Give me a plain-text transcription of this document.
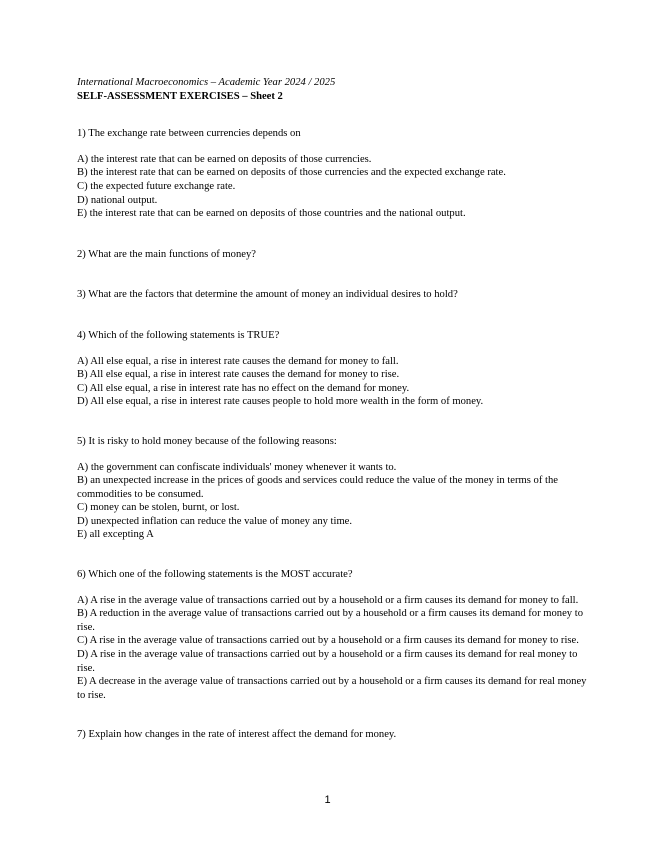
International Macroeconomics – Academic Year 2024 / 2025
SELF-ASSESSMENT EXERCISES – Sheet 2

1) The exchange rate between currencies depends on

A) the interest rate that can be earned on deposits of those currencies.
B) the interest rate that can be earned on deposits of those currencies and the expected exchange rate.
C) the expected future exchange rate.
D) national output.
E) the interest rate that can be earned on deposits of those countries and the national output.

2) What are the main functions of money?

3) What are the factors that determine the amount of money an individual desires to hold?

4) Which of the following statements is TRUE?

A) All else equal, a rise in interest rate causes the demand for money to fall.
B) All else equal, a rise in interest rate causes the demand for money to rise.
C) All else equal, a rise in interest rate has no effect on the demand for money.
D) All else equal, a rise in interest rate causes people to hold more wealth in the form of money.

5) It is risky to hold money because of the following reasons:

A) the government can confiscate individuals' money whenever it wants to.
B) an unexpected increase in the prices of goods and services could reduce the value of the money in terms of the commodities to be consumed.
C) money can be stolen, burnt, or lost.
D) unexpected inflation can reduce the value of money any time.
E) all excepting A

6) Which one of the following statements is the MOST accurate?

A) A rise in the average value of transactions carried out by a household or a firm causes its demand for money to fall.
B) A reduction in the average value of transactions carried out by a household or a firm causes its demand for money to rise.
C) A rise in the average value of transactions carried out by a household or a firm causes its demand for money to rise.
D) A rise in the average value of transactions carried out by a household or a firm causes its demand for real money to rise.
E) A decrease in the average value of transactions carried out by a household or a firm causes its demand for real money to rise.

7) Explain how changes in the rate of interest affect the demand for money.

1
